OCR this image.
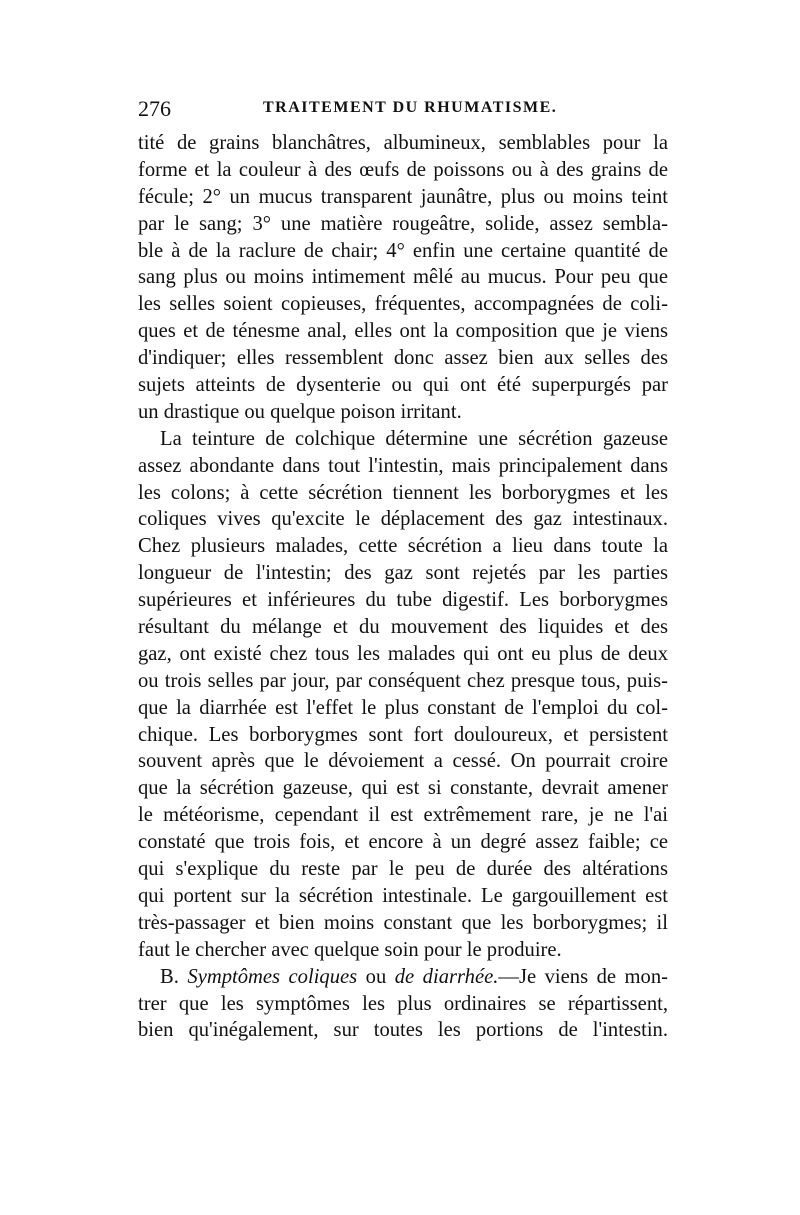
276	TRAITEMENT DU RHUMATISME.
tité de grains blanchâtres, albumineux, semblables pour la
forme et la couleur à des œufs de poissons ou à des grains de
fécule; 2° un mucus transparent jaunâtre, plus ou moins teint
par le sang; 3° une matière rougeâtre, solide, assez sembla-
ble à de la raclure de chair; 4° enfin une certaine quantité de
sang plus ou moins intimement mêlé au mucus. Pour peu que
les selles soient copieuses, fréquentes, accompagnées de coli-
ques et de ténesme anal, elles ont la composition que je viens
d'indiquer; elles ressemblent donc assez bien aux selles des
sujets atteints de dysenterie ou qui ont été superpurgés par
un drastique ou quelque poison irritant.
La teinture de colchique détermine une sécrétion gazeuse
assez abondante dans tout l'intestin, mais principalement dans
les colons; à cette sécrétion tiennent les borborygmes et les
coliques vives qu'excite le déplacement des gaz intestinaux.
Chez plusieurs malades, cette sécrétion a lieu dans toute la
longueur de l'intestin; des gaz sont rejetés par les parties
supérieures et inférieures du tube digestif. Les borborygmes
résultant du mélange et du mouvement des liquides et des
gaz, ont existé chez tous les malades qui ont eu plus de deux
ou trois selles par jour, par conséquent chez presque tous, puis-
que la diarrhée est l'effet le plus constant de l'emploi du col-
chique. Les borborygmes sont fort douloureux, et persistent
souvent après que le dévoiement a cessé. On pourrait croire
que la sécrétion gazeuse, qui est si constante, devrait amener
le météorisme, cependant il est extrêmement rare, je ne l'ai
constaté que trois fois, et encore à un degré assez faible; ce
qui s'explique du reste par le peu de durée des altérations
qui portent sur la sécrétion intestinale. Le gargouillement est
très-passager et bien moins constant que les borborygmes; il
faut le chercher avec quelque soin pour le produire.
B. Symptômes coliques ou de diarrhée.—Je viens de mon-
trer que les symptômes les plus ordinaires se répartissent,
bien qu'inégalement, sur toutes les portions de l'intestin.
